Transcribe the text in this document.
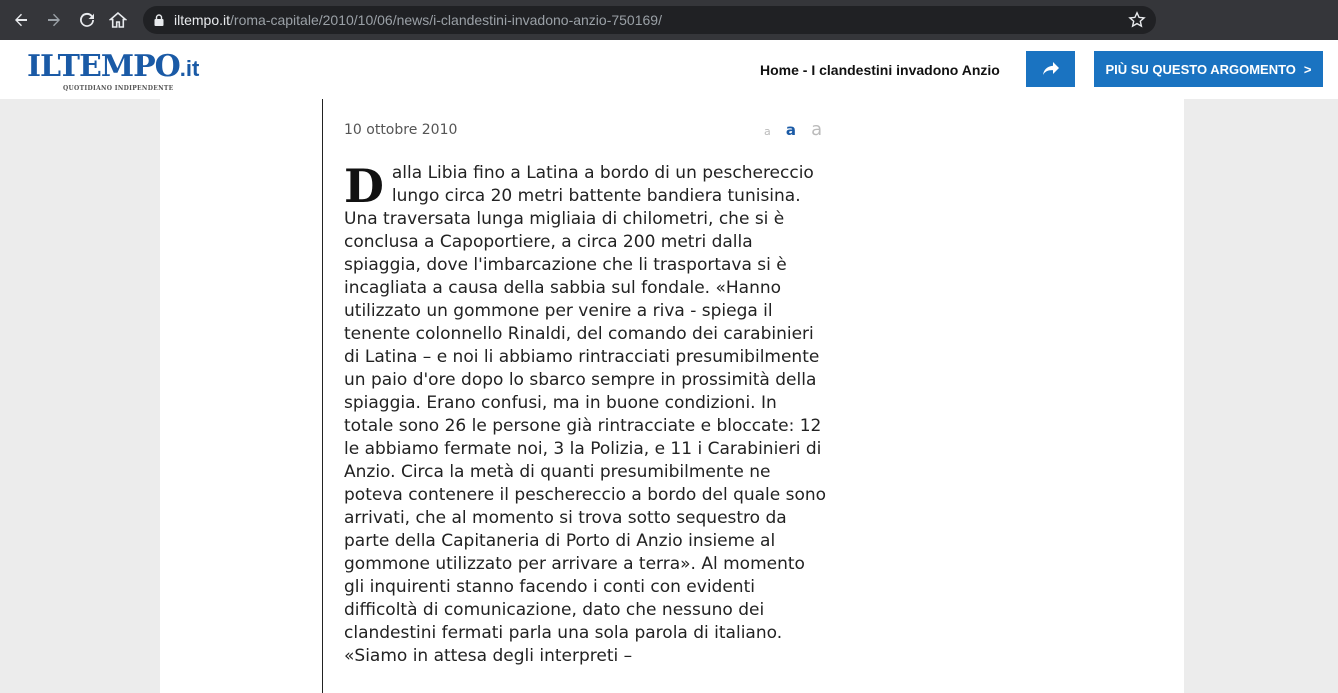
iltempo.it/roma-capitale/2010/10/06/news/i-clandestini-invadono-anzio-750169/
ILTEMPO.it
QUOTIDIANO INDIPENDENTE
Home - I clandestini invadono Anzio	PIÙ SU QUESTO ARGOMENTO >
10 ottobre 2010	a a a
D alla Libia fino a Latina a bordo di un peschereccio lungo circa 20 metri battente bandiera tunisina. Una traversata lunga migliaia di chilometri, che si è conclusa a Capoportiere, a circa 200 metri dalla spiaggia, dove l'imbarcazione che li trasportava si è incagliata a causa della sabbia sul fondale. «Hanno utilizzato un gommone per venire a riva - spiega il tenente colonnello Rinaldi, del comando dei carabinieri di Latina – e noi li abbiamo rintracciati presumibilmente un paio d'ore dopo lo sbarco sempre in prossimità della spiaggia. Erano confusi, ma in buone condizioni. In totale sono 26 le persone già rintracciate e bloccate: 12 le abbiamo fermate noi, 3 la Polizia, e 11 i Carabinieri di Anzio. Circa la metà di quanti presumibilmente ne poteva contenere il peschereccio a bordo del quale sono arrivati, che al momento si trova sotto sequestro da parte della Capitaneria di Porto di Anzio insieme al gommone utilizzato per arrivare a terra». Al momento gli inquirenti stanno facendo i conti con evidenti difficoltà di comunicazione, dato che nessuno dei clandestini fermati parla una sola parola di italiano. «Siamo in attesa degli interpreti –
